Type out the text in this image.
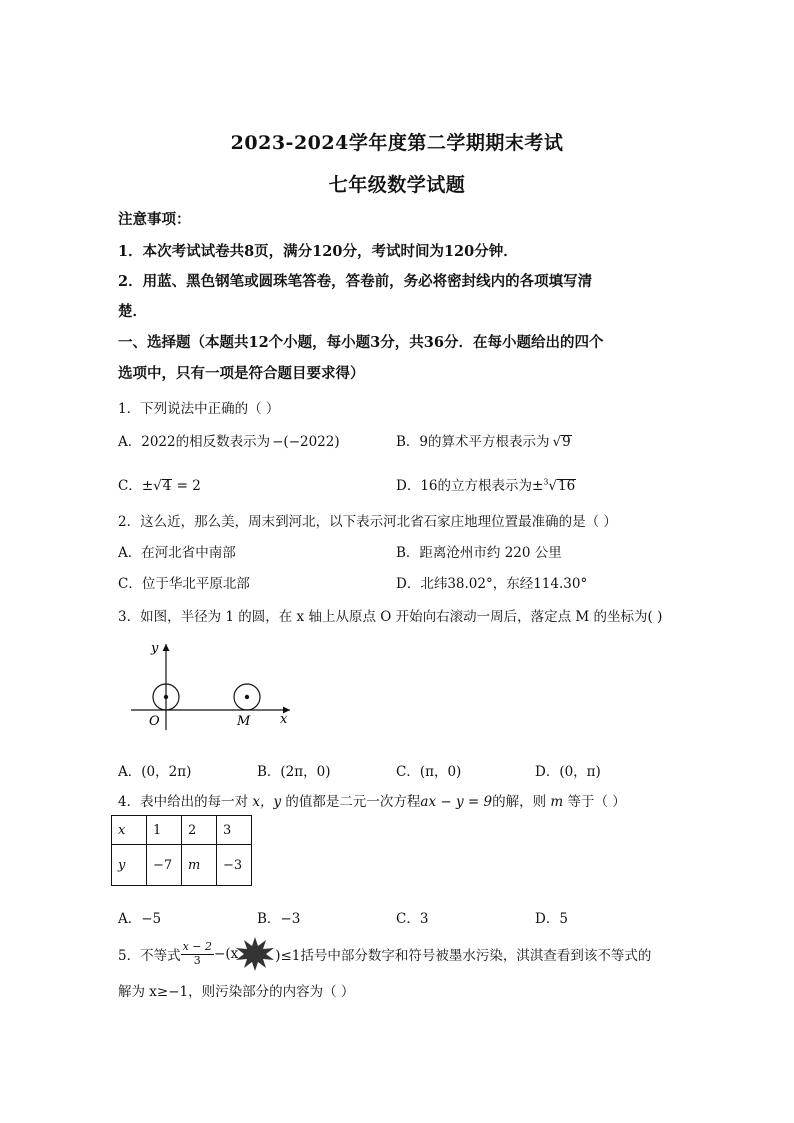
2023-2024学年度第二学期期末考试
七年级数学试题
注意事项：
1．本次考试试卷共8页，满分120分，考试时间为120分钟．
2．用蓝、黑色钢笔或圆珠笔答卷，答卷前，务必将密封线内的各项填写清
楚．
一、选择题（本题共12个小题，每小题3分，共36分．在每小题给出的四个
选项中，只有一项是符合题目要求得）
1．下列说法中正确的（ ）
A．2022的相反数表示为 −(−2022)	B．9的算术平方根表示为 √9
C．±√4 = 2	D．16的立方根表示为±$^3$√16
2．这么近，那么美，周末到河北，以下表示河北省石家庄地理位置最准确的是（ ）
A．在河北省中南部	B．距离沧州市约 220 公里
C．位于华北平原北部	D．北纬38.02°，东经114.30°
3．如图，半径为 1 的圆，在 x 轴上从原点 O 开始向右滚动一周后，落定点 M 的坐标为( )
y
O	M x
A．(0，2π)	B．(2π，0)	C．(π，0)	D．(0，π)
4．表中给出的每一对 x，y 的值都是二元一次方程ax − y = 9的解，则 m 等于（ ）
x	1	2	3
y	−7	m	−3
A．−5	B．−3	C．3	D．5
5．不等式 $\frac{x - 2}{3} -(x$	)≤1括号中部分数字和符号被墨水污染，淇淇查看到该不等式的
解为 x≥−1，则污染部分的内容为（ ）
